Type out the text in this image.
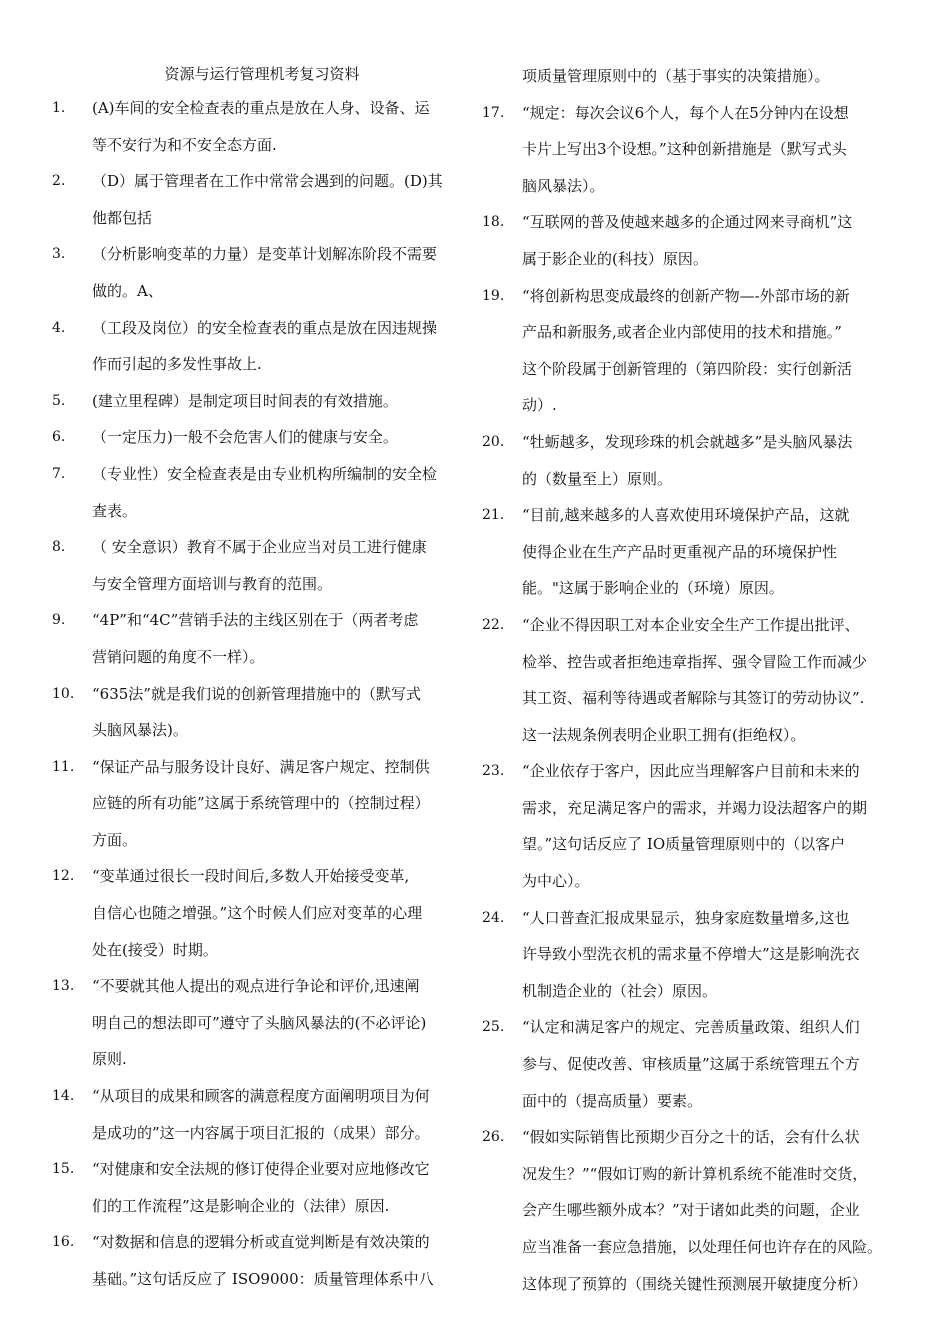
资源与运行管理机考复习资料
1.	(A)车间的安全检查表的重点是放在人身、设备、运
等不安行为和不安全态方面.
2.	（D）属于管理者在工作中常常会遇到的问题。(D)其
他都包括
3.	（分析影响变革的力量）是变革计划解冻阶段不需要
做的。A、
4.	（工段及岗位）的安全检查表的重点是放在因违规操
作而引起的多发性事故上.
5.	(建立里程碑）是制定项目时间表的有效措施。
6.	（一定压力)一般不会危害人们的健康与安全。
7.	（专业性）安全检查表是由专业机构所编制的安全检
查表。
8.	（ 安全意识）教育不属于企业应当对员工进行健康
与安全管理方面培训与教育的范围。
9.	“4P”和“4C”营销手法的主线区别在于（两者考虑
营销问题的角度不一样）。
10.	“635法”就是我们说的创新管理措施中的（默写式
头脑风暴法)。
11.	“保证产品与服务设计良好、满足客户规定、控制供
应链的所有功能”这属于系统管理中的（控制过程）
方面。
12.	“变革通过很长一段时间后,多数人开始接受变革,
自信心也随之增强。”这个时候人们应对变革的心理
处在(接受）时期。
13.	“不要就其他人提出的观点进行争论和评价,迅速阐
明自己的想法即可”遵守了头脑风暴法的(不必评论)
原则.
14.	“从项目的成果和顾客的满意程度方面阐明项目为何
是成功的”这一内容属于项目汇报的（成果）部分。
15.	“对健康和安全法规的修订使得企业要对应地修改它
们的工作流程”这是影响企业的（法律）原因.
16.	“对数据和信息的逻辑分析或直觉判断是有效决策的
基础。”这句话反应了 ISO9000：质量管理体系中八
项质量管理原则中的（基于事实的决策措施）。
17.	“规定：每次会议6个人，每个人在5分钟内在设想
卡片上写出3个设想。”这种创新措施是（默写式头
脑风暴法）。
18.	“互联网的普及使越来越多的企通过网来寻商机”这
属于影企业的(科技）原因。
19.	“将创新构思变成最终的创新产物—-外部市场的新
产品和新服务,或者企业内部使用的技术和措施。”
这个阶段属于创新管理的（第四阶段：实行创新活
动）.
20.	“牡蛎越多，发现珍珠的机会就越多”是头脑风暴法
的（数量至上）原则。
21.	“目前,越来越多的人喜欢使用环境保护产品，这就
使得企业在生产产品时更重视产品的环境保护性
能。"这属于影响企业的（环境）原因。
22.	“企业不得因职工对本企业安全生产工作提出批评、
检举、控告或者拒绝违章指挥、强令冒险工作而减少
其工资、福利等待遇或者解除与其签订的劳动协议”.
这一法规条例表明企业职工拥有(拒绝权）。
23.	“企业依存于客户，因此应当理解客户目前和未来的
需求，充足满足客户的需求，并竭力设法超客户的期
望。”这句话反应了 IO质量管理原则中的（以客户
为中心）。
24.	“人口普查汇报成果显示，独身家庭数量增多,这也
许导致小型洗衣机的需求量不停增大”这是影响洗衣
机制造企业的（社会）原因。
25.	“认定和满足客户的规定、完善质量政策、组织人们
参与、促使改善、审核质量”这属于系统管理五个方
面中的（提高质量）要素。
26.	“假如实际销售比预期少百分之十的话，会有什么状
况发生？”“假如订购的新计算机系统不能准时交货，
会产生哪些额外成本？”对于诸如此类的问题，企业
应当准备一套应急措施，以处理任何也许存在的风险。
这体现了预算的（围绕关键性预测展开敏捷度分析）
